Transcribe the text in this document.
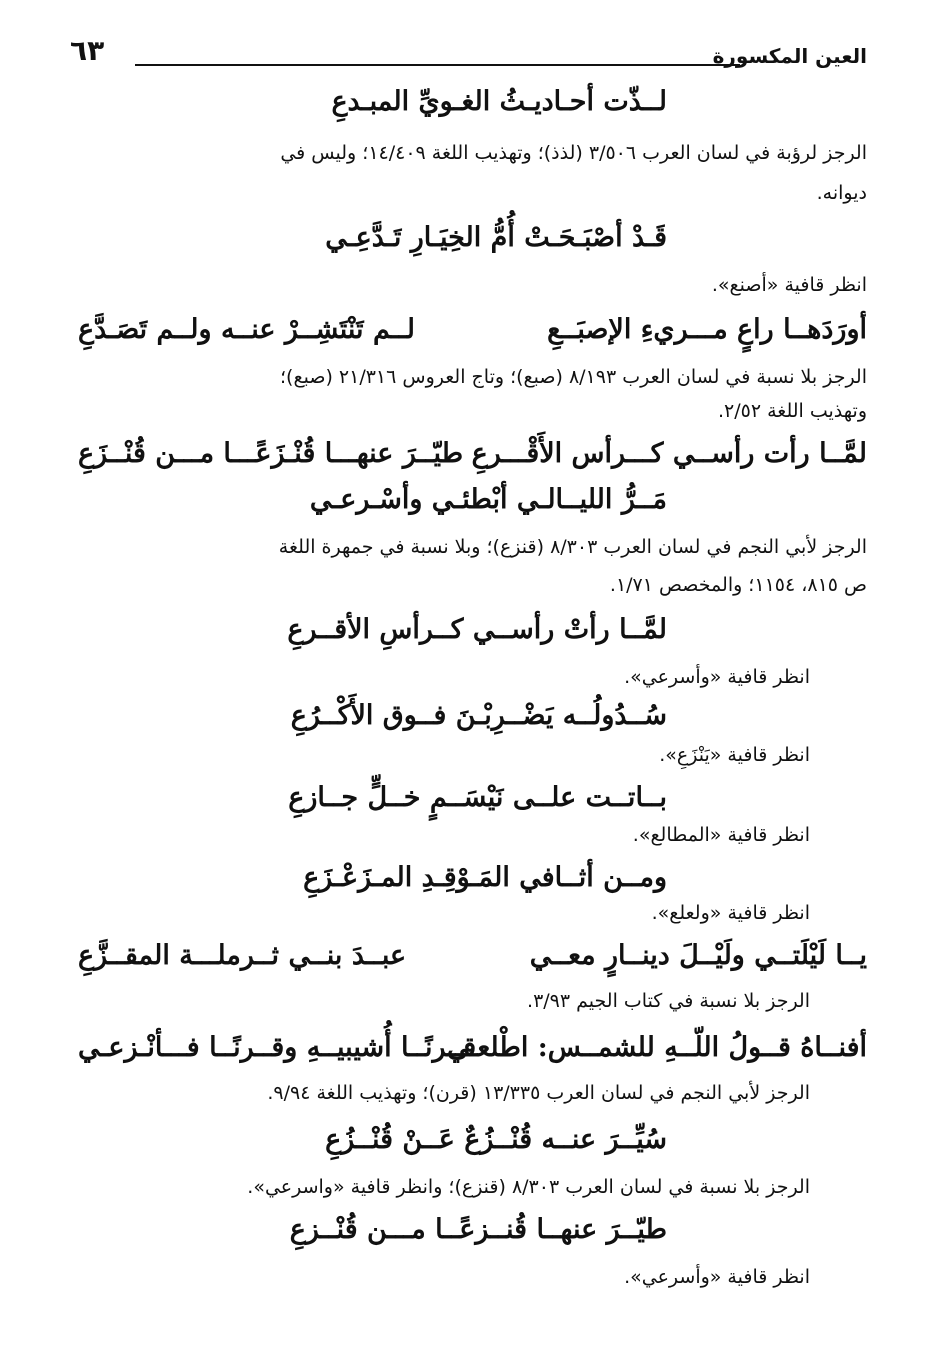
العين المكسورة
٦٣
لــذّت أحـاديـثُ الغـويِّ المبـدعِ
الرجز لرؤبة في لسان العرب ٣/٥٠٦ (لذذ)؛ وتهذيب اللغة ١٤/٤٠٩؛ وليس في
ديوانه.
قَـدْ أصْبَـحَـتْ أُمُّ الخِيَـارِ تَـدَّعِـي
انظر قافية «أصنع».
أورَدَهــا راعٍ مـــريءِ الإصبَــعِ
لــم تَنْتَشِــرْ عنــه ولــم تَصَـدَّعِ
الرجز بلا نسبة في لسان العرب ٨/١٩٣ (صبع)؛ وتاج العروس ٢١/٣١٦ (صبع)؛
وتهذيب اللغة ٢/٥٢.
لمَّــا رأت رأســي كـــرأس الأَقْـــرعِ
طيّــرَ عنهـــا قُنْـزَعًـــا مـــن قُنْــزَعِ
مَــرُّ الليــالـي أبْطئـي وأسْـرعـي
الرجز لأبي النجم في لسان العرب ٨/٣٠٣ (قنزع)؛ وبلا نسبة في جمهرة اللغة
ص ٨١٥، ١١٥٤؛ والمخصص ١/٧١.
لمَّــا رأتْ رأســي كــرأسِ الأقــرعِ
انظر قافية «وأسرعي».
سُــدُولُــه يَضْــرِبْـنَ فــوق الأَكْــرُعِ
انظر قافية «يَنْزَعِ».
بــاتــت علــى نَيْسَــمٍ خــلٍّ جــازعِ
انظر قافية «المطالع».
ومــن أثــافي المَـوْقِـدِ المـزَعْـزَعِ
انظر قافية «ولعلع».
يــا لَيْلَتــي ولَيْــلَ دينــارٍ معــي
عبــدَ بنــي ثــرملـــة المقــزَّعِ
الرجز بلا نسبة في كتاب الجيم ٣/٩٣.
أفنــاهُ قــولُ اللّــهِ للشمــس: اطْلعـي
قــرنًــا أُشيبيــهِ وقــرنًــا فـــأنْـزعـي
الرجز لأبي النجم في لسان العرب ١٣/٣٣٥ (قرن)؛ وتهذيب اللغة ٩/٩٤.
سُيِّــرَ عنــه قُنْــزُعٌ عَــنْ قُنْــزُعِ
الرجز بلا نسبة في لسان العرب ٨/٣٠٣ (قنزع)؛ وانظر قافية «واسرعي».
طيّــرَ عنهــا قُنــزعًــا مـــن قُنْــزعِ
انظر قافية «وأسرعي».
